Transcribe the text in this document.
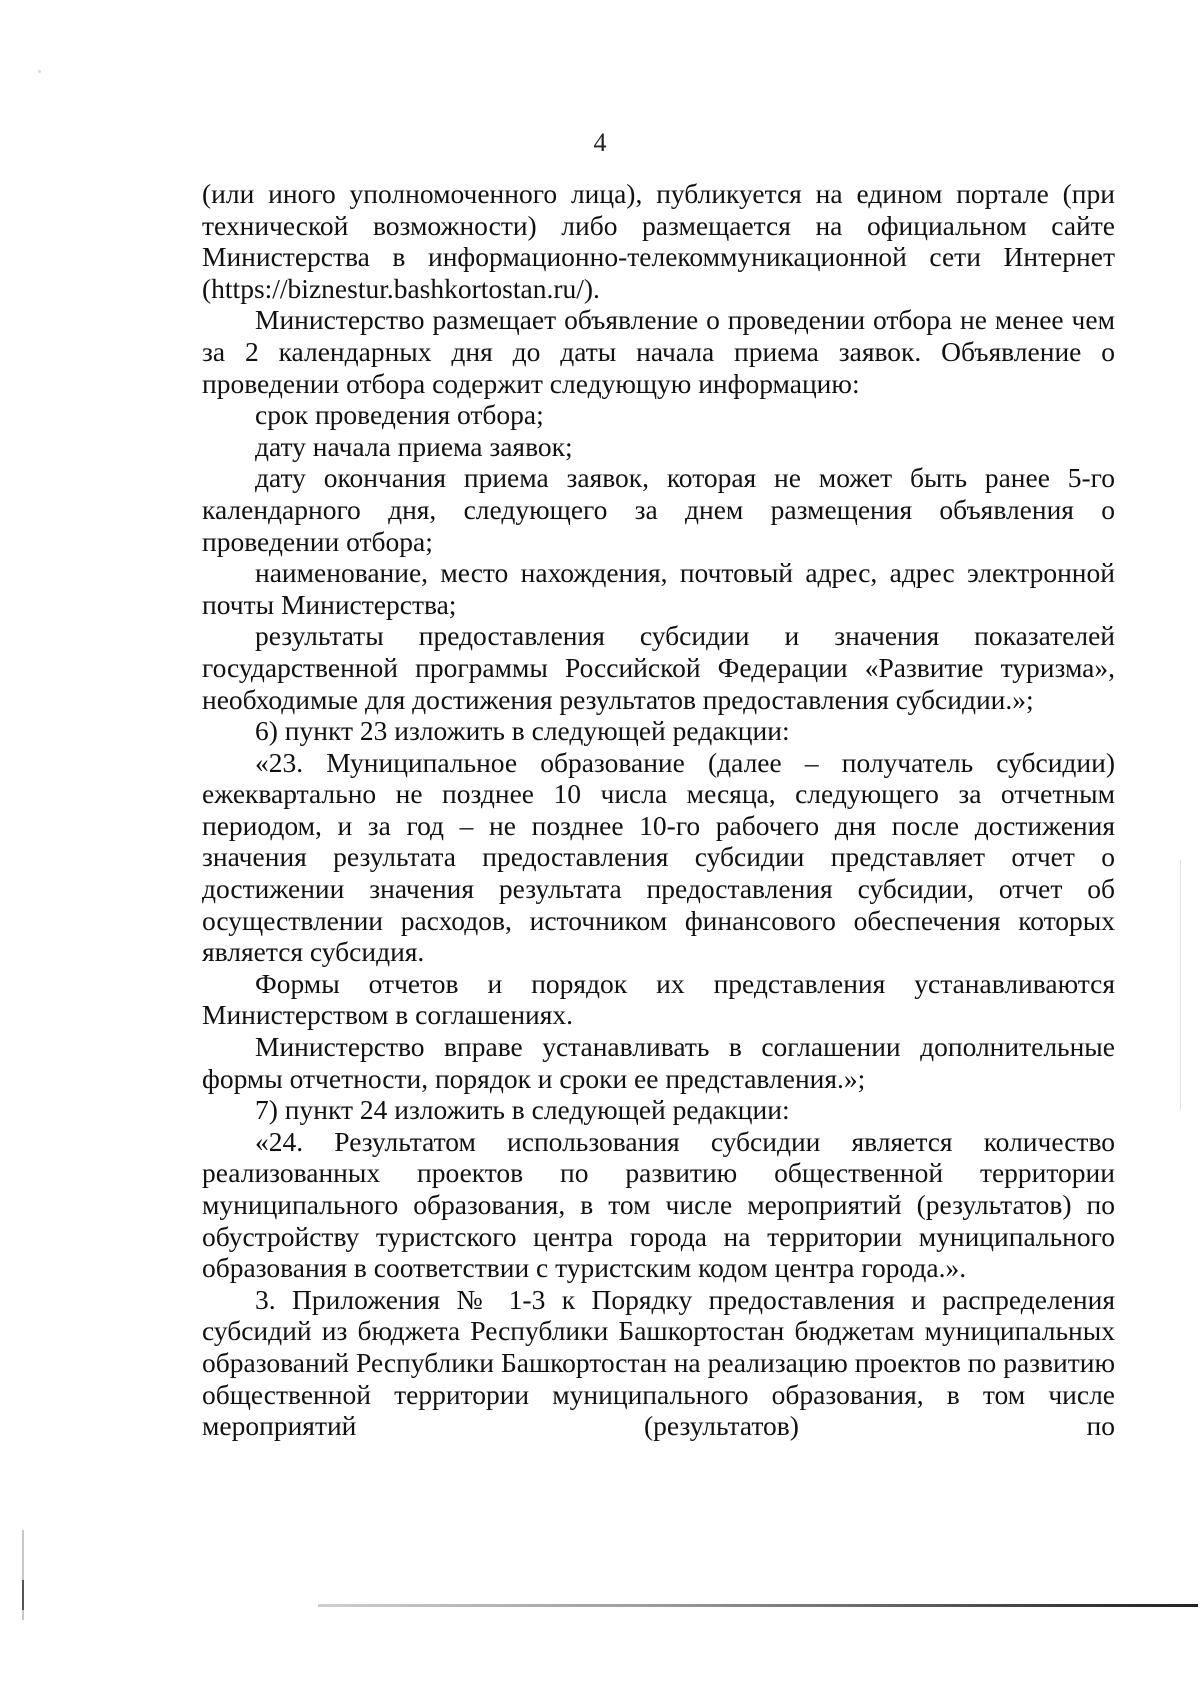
4

(или иного уполномоченного лица), публикуется на едином портале (при технической возможности) либо размещается на официальном сайте Министерства в информационно-телекоммуникационной сети Интернет (https://biznestur.bashkortostan.ru/).

Министерство размещает объявление о проведении отбора не менее чем за 2 календарных дня до даты начала приема заявок. Объявление о проведении отбора содержит следующую информацию:

срок проведения отбора;

дату начала приема заявок;

дату окончания приема заявок, которая не может быть ранее 5-го календарного дня, следующего за днем размещения объявления о проведении отбора;

наименование, место нахождения, почтовый адрес, адрес электронной почты Министерства;

результаты предоставления субсидии и значения показателей государственной программы Российской Федерации «Развитие туризма», необходимые для достижения результатов предоставления субсидии.»;

6) пункт 23 изложить в следующей редакции:

«23. Муниципальное образование (далее – получатель субсидии) ежеквартально не позднее 10 числа месяца, следующего за отчетным периодом, и за год – не позднее 10-го рабочего дня после достижения значения результата предоставления субсидии представляет отчет о достижении значения результата предоставления субсидии, отчет об осуществлении расходов, источником финансового обеспечения которых является субсидия.

Формы отчетов и порядок их представления устанавливаются Министерством в соглашениях.

Министерство вправе устанавливать в соглашении дополнительные формы отчетности, порядок и сроки ее представления.»;

7) пункт 24 изложить в следующей редакции:

«24. Результатом использования субсидии является количество реализованных проектов по развитию общественной территории муниципального образования, в том числе мероприятий (результатов) по обустройству туристского центра города на территории муниципального образования в соответствии с туристским кодом центра города.».

3. Приложения № 1-3 к Порядку предоставления и распределения субсидий из бюджета Республики Башкортостан бюджетам муниципальных образований Республики Башкортостан на реализацию проектов по развитию общественной территории муниципального образования, в том числе мероприятий (результатов) по
